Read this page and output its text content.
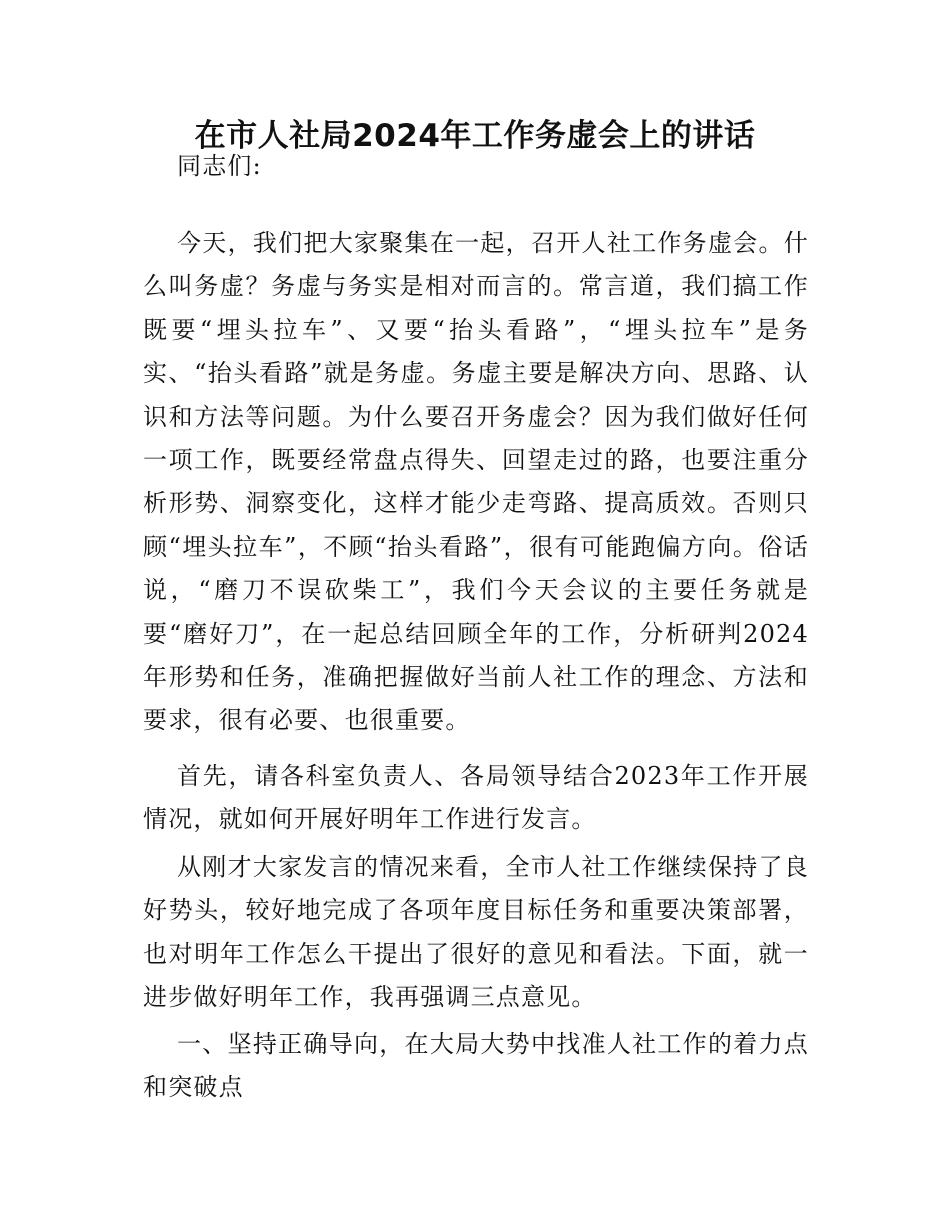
在市人社局2024年工作务虚会上的讲话

同志们:

今天，我们把大家聚集在一起，召开人社工作务虚会。什么叫务虚？务虚与务实是相对而言的。常言道，我们搞工作既要“埋头拉车”、又要“抬头看路”，“埋头拉车”是务实、“抬头看路”就是务虚。务虚主要是解决方向、思路、认识和方法等问题。为什么要召开务虚会？因为我们做好任何一项工作，既要经常盘点得失、回望走过的路，也要注重分析形势、洞察变化，这样才能少走弯路、提高质效。否则只顾“埋头拉车”，不顾“抬头看路”，很有可能跑偏方向。俗话说，“磨刀不误砍柴工”，我们今天会议的主要任务就是要“磨好刀”，在一起总结回顾全年的工作，分析研判2024年形势和任务，准确把握做好当前人社工作的理念、方法和要求，很有必要、也很重要。

首先，请各科室负责人、各局领导结合2023年工作开展情况，就如何开展好明年工作进行发言。

从刚才大家发言的情况来看，全市人社工作继续保持了良好势头，较好地完成了各项年度目标任务和重要决策部署，也对明年工作怎么干提出了很好的意见和看法。下面，就一进步做好明年工作，我再强调三点意见。

一、坚持正确导向，在大局大势中找准人社工作的着力点和突破点
